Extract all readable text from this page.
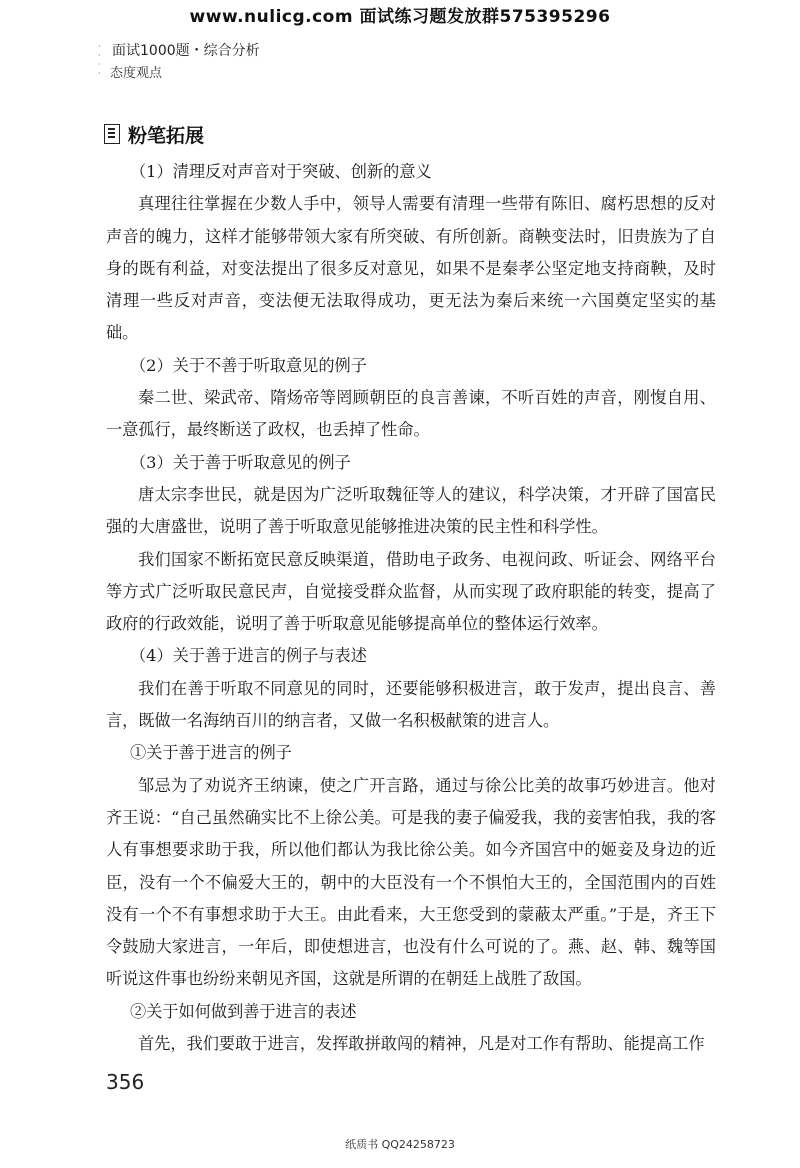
www.nulicg.com 面试练习题发放群575395296
·
·
·
·
面试1000题・综合分析
态度观点
粉笔拓展

（1）清理反对声音对于突破、创新的意义

真理往往掌握在少数人手中，领导人需要有清理一些带有陈旧、腐朽思想的反对声音的魄力，这样才能够带领大家有所突破、有所创新。商鞅变法时，旧贵族为了自身的既有利益，对变法提出了很多反对意见，如果不是秦孝公坚定地支持商鞅，及时清理一些反对声音，变法便无法取得成功，更无法为秦后来统一六国奠定坚实的基础。

（2）关于不善于听取意见的例子

秦二世、梁武帝、隋炀帝等罔顾朝臣的良言善谏，不听百姓的声音，刚愎自用、一意孤行，最终断送了政权，也丢掉了性命。

（3）关于善于听取意见的例子

唐太宗李世民，就是因为广泛听取魏征等人的建议，科学决策，才开辟了国富民强的大唐盛世，说明了善于听取意见能够推进决策的民主性和科学性。

我们国家不断拓宽民意反映渠道，借助电子政务、电视问政、听证会、网络平台等方式广泛听取民意民声，自觉接受群众监督，从而实现了政府职能的转变，提高了政府的行政效能，说明了善于听取意见能够提高单位的整体运行效率。

（4）关于善于进言的例子与表述

我们在善于听取不同意见的同时，还要能够积极进言，敢于发声，提出良言、善言，既做一名海纳百川的纳言者，又做一名积极献策的进言人。

①关于善于进言的例子

邹忌为了劝说齐王纳谏，使之广开言路，通过与徐公比美的故事巧妙进言。他对齐王说：“自己虽然确实比不上徐公美。可是我的妻子偏爱我，我的妾害怕我，我的客人有事想要求助于我，所以他们都认为我比徐公美。如今齐国宫中的姬妾及身边的近臣，没有一个不偏爱大王的，朝中的大臣没有一个不惧怕大王的，全国范围内的百姓没有一个不有事想求助于大王。由此看来，大王您受到的蒙蔽太严重。”于是，齐王下令鼓励大家进言，一年后，即使想进言，也没有什么可说的了。燕、赵、韩、魏等国听说这件事也纷纷来朝见齐国，这就是所谓的在朝廷上战胜了敌国。

②关于如何做到善于进言的表述

首先，我们要敢于进言，发挥敢拼敢闯的精神，凡是对工作有帮助、能提高工作

356
纸质书 QQ24258723
